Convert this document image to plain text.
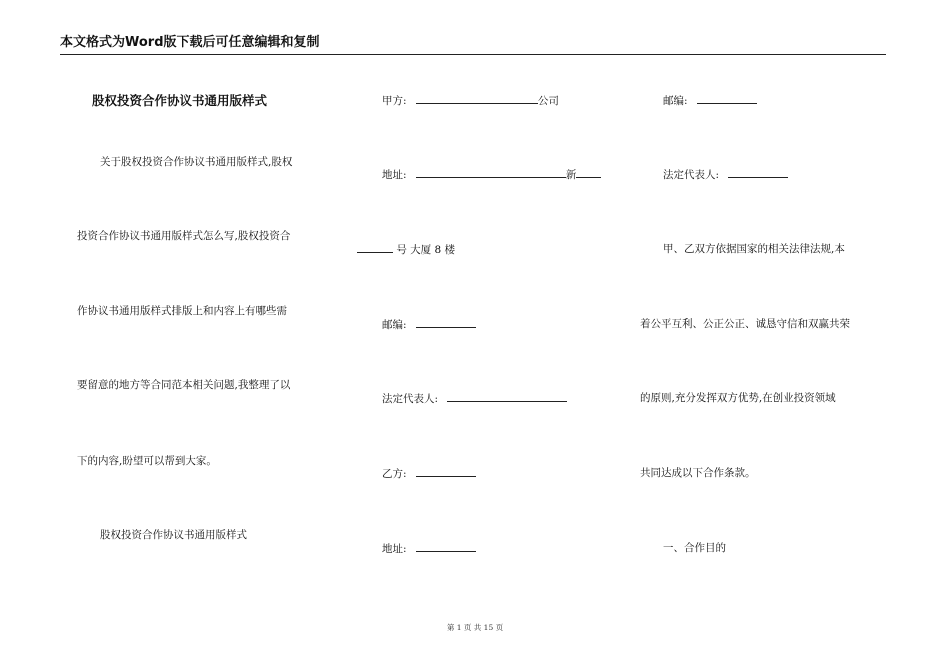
本文格式为Word版下载后可任意编辑和复制
股权投资合作协议书通用版样式
关于股权投资合作协议书通用版样式,股权
投资合作协议书通用版样式怎么写,股权投资合
作协议书通用版样式排版上和内容上有哪些需
要留意的地方等合同范本相关问题,我整理了以
下的内容,盼望可以帮到大家。
股权投资合作协议书通用版样式
甲方:	公司
地址:	新
号 大厦 8 楼
邮编:
法定代表人:
乙方:
地址:
邮编:
法定代表人:
甲、乙双方依据国家的相关法律法规,本
着公平互利、公正公正、诚恳守信和双赢共荣
的原则,充分发挥双方优势,在创业投资领域
共同达成以下合作条款。
一、合作目的
第 1 页 共 15 页
